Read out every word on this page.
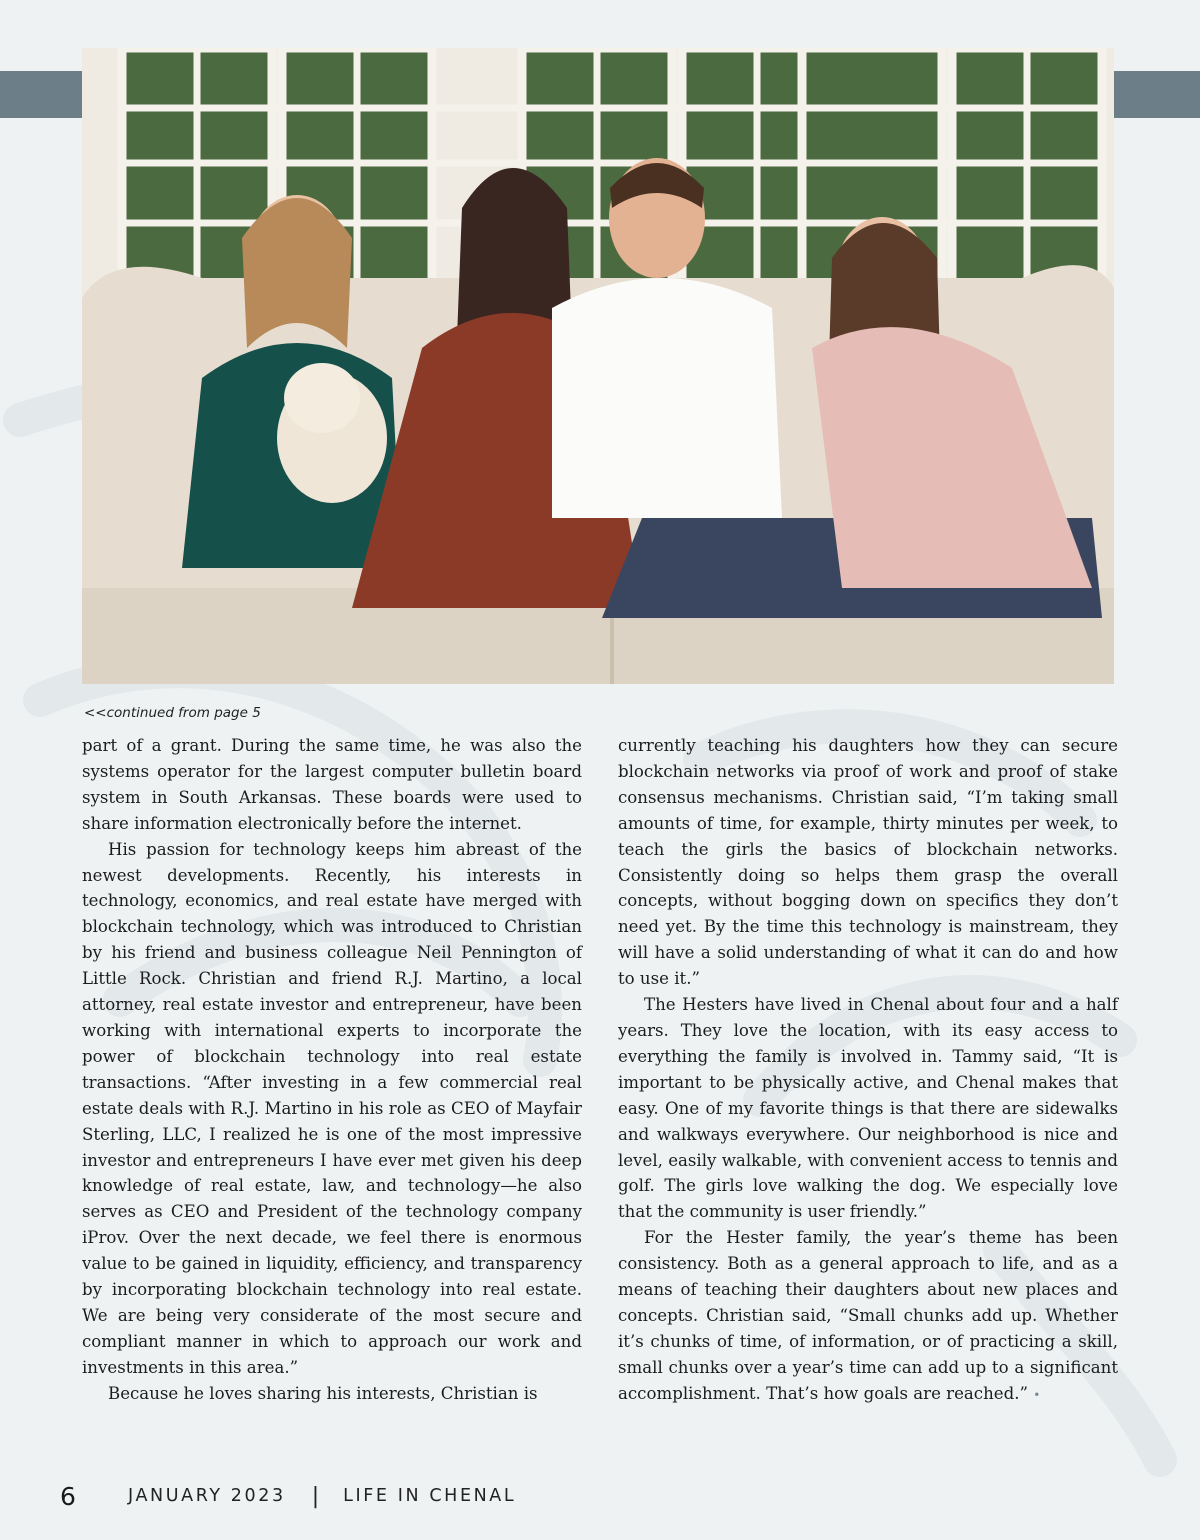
<<continued from page 5

part of a grant. During the same time, he was also the systems operator for the largest computer bulletin board system in South Arkansas. These boards were used to share information electronically before the internet.

His passion for technology keeps him abreast of the newest developments. Recently, his interests in technology, economics, and real estate have merged with blockchain technology, which was introduced to Christian by his friend and business colleague Neil Pennington of Little Rock. Christian and friend R.J. Martino, a local attorney, real estate investor and entrepreneur, have been working with international experts to incorporate the power of blockchain technology into real estate transactions. “After investing in a few commercial real estate deals with R.J. Martino in his role as CEO of Mayfair Sterling, LLC, I realized he is one of the most impressive investor and entrepreneurs I have ever met given his deep knowledge of real estate, law, and technology—he also serves as CEO and President of the technology company iProv. Over the next decade, we feel there is enormous value to be gained in liquidity, efficiency, and transparency by incorporating blockchain technology into real estate. We are being very considerate of the most secure and compliant manner in which to approach our work and investments in this area.”

Because he loves sharing his interests, Christian is

currently teaching his daughters how they can secure blockchain networks via proof of work and proof of stake consensus mechanisms. Christian said, “I’m taking small amounts of time, for example, thirty minutes per week, to teach the girls the basics of blockchain networks. Consistently doing so helps them grasp the overall concepts, without bogging down on specifics they don’t need yet. By the time this technology is mainstream, they will have a solid understanding of what it can do and how to use it.”

The Hesters have lived in Chenal about four and a half years. They love the location, with its easy access to everything the family is involved in. Tammy said, “It is important to be physically active, and Chenal makes that easy. One of my favorite things is that there are sidewalks and walkways everywhere. Our neighborhood is nice and level, easily walkable, with convenient access to tennis and golf. The girls love walking the dog. We especially love that the community is user friendly.”

For the Hester family, the year’s theme has been consistency. Both as a general approach to life, and as a means of teaching their daughters about new places and concepts. Christian said, “Small chunks add up. Whether it’s chunks of time, of information, or of practicing a skill, small chunks over a year’s time can add up to a significant accomplishment. That’s how goals are reached.” •

6	JANUARY 2023 | LIFE IN CHENAL
